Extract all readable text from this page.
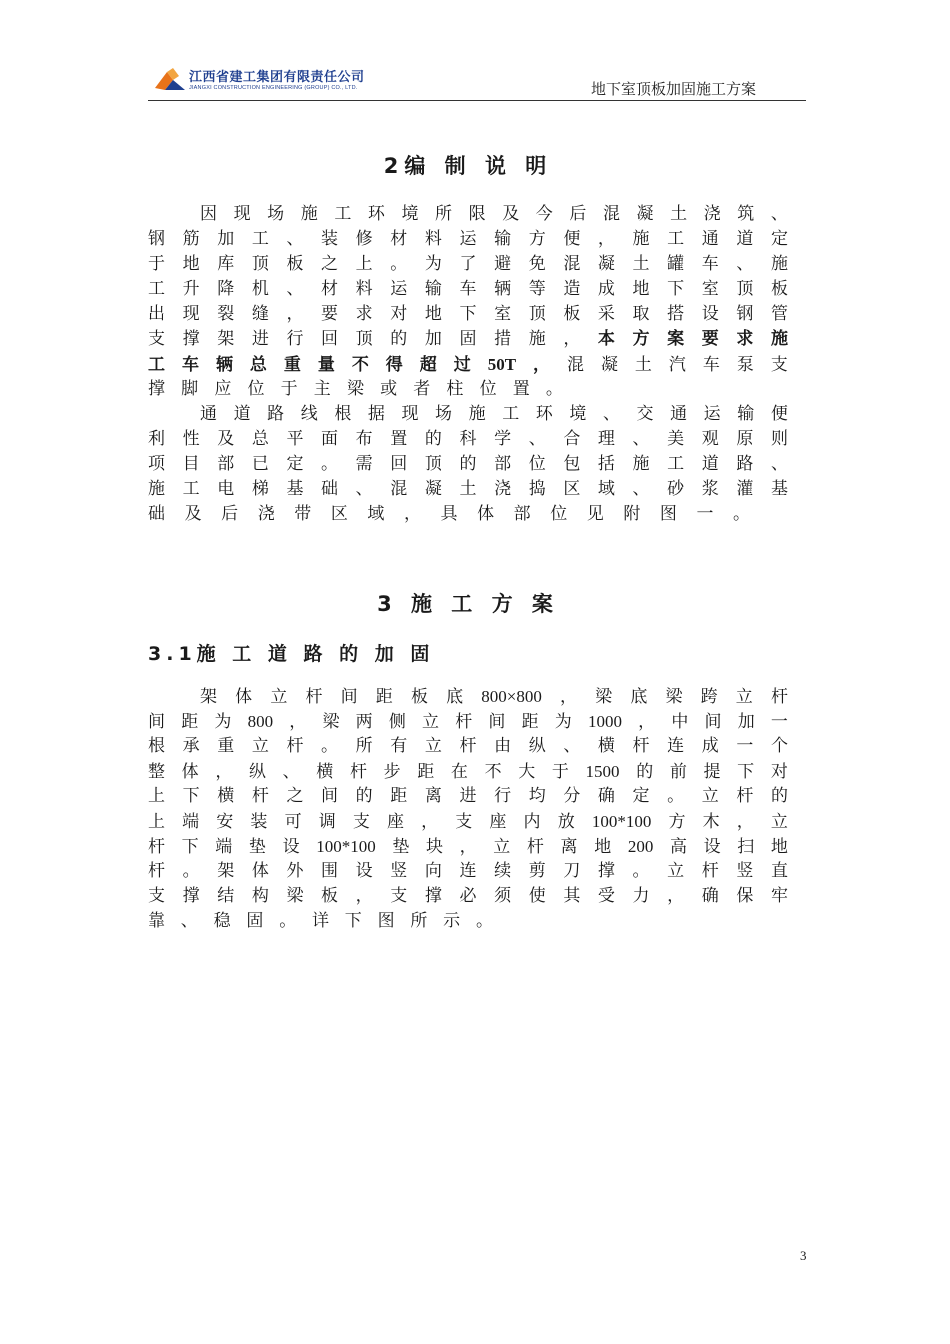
江西省建工集团有限责任公司
JIANGXI CONSTRUCTION ENGINEERING (GROUP) CO., LTD.	地下室顶板加固施工方案
2编 制 说 明
因 现 场 施 工 环 境 所 限 及 今 后 混 凝 土 浇 筑 、
钢 筋 加 工 、 装 修 材 料 运 输 方 便 ， 施 工 通 道 定
于 地 库 顶 板 之 上 。 为 了 避 免 混 凝 土 罐 车 、 施
工 升 降 机 、 材 料 运 输 车 辆 等 造 成 地 下 室 顶 板
出 现 裂 缝 ， 要 求 对 地 下 室 顶 板 采 取 搭 设 钢 管
支 撑 架 进 行 回 顶 的 加 固 措 施 ， 本 方 案 要 求 施
工 车 辆 总 重 量 不 得 超 过 50T ， 混 凝 土 汽 车 泵 支
撑 脚 应 位 于 主 梁 或 者 柱 位 置 。
通 道 路 线 根 据 现 场 施 工 环 境 、 交 通 运 输 便
利 性 及 总 平 面 布 置 的 科 学 、 合 理 、 美 观 原 则
项 目 部 已 定 。 需 回 顶 的 部 位 包 括 施 工 道 路 、
施 工 电 梯 基 础 、 混 凝 土 浇 捣 区 域 、 砂 浆 灌 基
础 及 后 浇 带 区 域 ， 具 体 部 位 见 附 图 一 。
3 施 工 方 案
3.1施 工 道 路 的 加 固
架 体 立 杆 间 距 板 底 800×800 ， 梁 底 梁 跨 立 杆
间 距 为 800 ， 梁 两 侧 立 杆 间 距 为 1000 ， 中 间 加 一
根 承 重 立 杆 。 所 有 立 杆 由 纵 、 横 杆 连 成 一 个
整 体 ， 纵 、 横 杆 步 距 在 不 大 于 1500 的 前 提 下 对
上 下 横 杆 之 间 的 距 离 进 行 均 分 确 定 。 立 杆 的
上 端 安 装 可 调 支 座 ， 支 座 内 放 100*100 方 木 ， 立
杆 下 端 垫 设 100*100 垫 块 ， 立 杆 离 地 200 高 设 扫 地
杆 。 架 体 外 围 设 竖 向 连 续 剪 刀 撑 。 立 杆 竖 直
支 撑 结 构 梁 板 ， 支 撑 必 须 使 其 受 力 ， 确 保 牢
靠 、 稳 固 。 详 下 图 所 示 。
3
